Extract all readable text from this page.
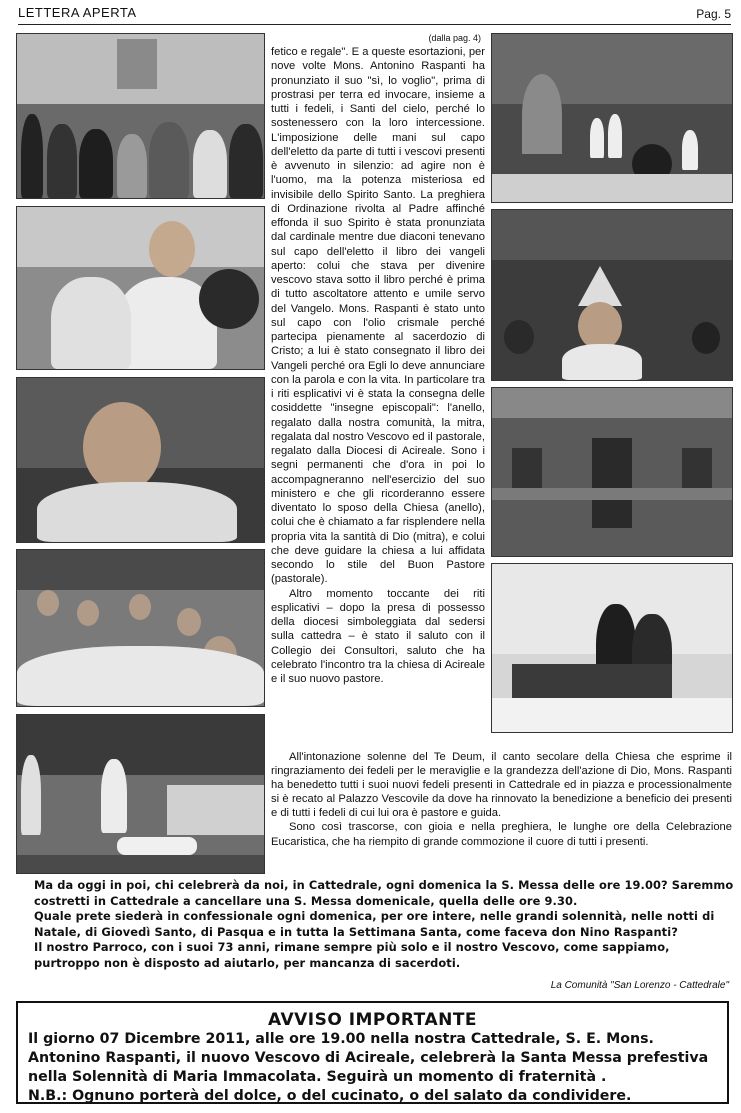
LETTERA APERTA	Pag. 5
(dalla pag. 4)

fetico e regale". E a queste esortazioni, per nove volte Mons. Antonino Raspanti ha pronunziato il suo "sì, lo voglio", prima di prostrasi per terra ed invocare, insieme a tutti i fedeli, i Santi del cielo, perché lo sostenessero con la loro intercessione. L'imposizione delle mani sul capo dell'eletto da parte di tutti i vescovi presenti è avvenuto in silenzio: ad agire non è l'uomo, ma la potenza misteriosa ed invisibile dello Spirito Santo. La preghiera di Ordinazione rivolta al Padre affinché effonda il suo Spirito è stata pronunziata dal cardinale mentre due diaconi tenevano sul capo dell'eletto il libro dei vangeli aperto: colui che stava per divenire vescovo stava sotto il libro perché è prima di tutto ascoltatore attento e umile servo del Vangelo. Mons. Raspanti è stato unto sul capo con l'olio crismale perché partecipa pienamente al sacerdozio di Cristo; a lui è stato consegnato il libro dei Vangeli perché ora Egli lo deve annunciare con la parola e con la vita. In particolare tra i riti esplicativi vi è stata la consegna delle cosiddette "insegne episcopali": l'anello, regalato dalla nostra comunità, la mitra, regalata dal nostro Vescovo ed il pastorale, regalato dalla Diocesi di Acireale. Sono i segni permanenti che d'ora in poi lo accompagneranno nell'esercizio del suo ministero e che gli ricorderanno essere diventato lo sposo della Chiesa (anello), colui che è chiamato a far risplendere nella propria vita la santità di Dio (mitra), e colui che deve guidare la chiesa a lui affidata secondo lo stile del Buon Pastore (pastorale).

Altro momento toccante dei riti esplicativi – dopo la presa di possesso della diocesi simboleggiata dal sedersi sulla cattedra – è stato il saluto con il Collegio dei Consultori, saluto che ha celebrato l'incontro tra la chiesa di Acireale e il suo nuovo pastore.

All'intonazione solenne del Te Deum, il canto secolare della Chiesa che esprime il ringraziamento dei fedeli per le meraviglie e la grandezza dell'azione di Dio, Mons. Raspanti ha benedetto tutti i suoi nuovi fedeli presenti in Cattedrale ed in piazza e processionalmente si è recato al Palazzo Vescovile da dove ha rinnovato la benedizione a beneficio dei presenti e di tutti i fedeli di cui lui ora è pastore e guida.

Sono così trascorse, con gioia e nella preghiera, le lunghe ore della Celebrazione Eucaristica, che ha riempito di grande commozione il cuore di tutti i presenti.

Ma da oggi in poi, chi celebrerà da noi, in Cattedrale, ogni domenica la S. Messa delle ore 19.00? Saremmo costretti in Cattedrale a cancellare una S. Messa domenicale, quella delle ore 9.30.

Quale prete siederà in confessionale ogni domenica, per ore intere, nelle grandi solennità, nelle notti di Natale, di Giovedì Santo, di Pasqua e in tutta la Settimana Santa, come faceva don Nino Raspanti?

Il nostro Parroco, con i suoi 73 anni, rimane sempre più solo e il nostro Vescovo, come sappiamo, purtroppo non è disposto ad aiutarlo, per mancanza di sacerdoti.

La Comunità "San Lorenzo - Cattedrale"
AVVISO IMPORTANTE
Il giorno 07 Dicembre 2011, alle ore 19.00 nella nostra Cattedrale, S. E. Mons. Antonino Raspanti, il nuovo Vescovo di Acireale, celebrerà la Santa Messa prefestiva nella Solennità di Maria Immacolata. Seguirà un momento di fraternità .
N.B.: Ognuno porterà del dolce, o del cucinato, o del salato da condividere.
